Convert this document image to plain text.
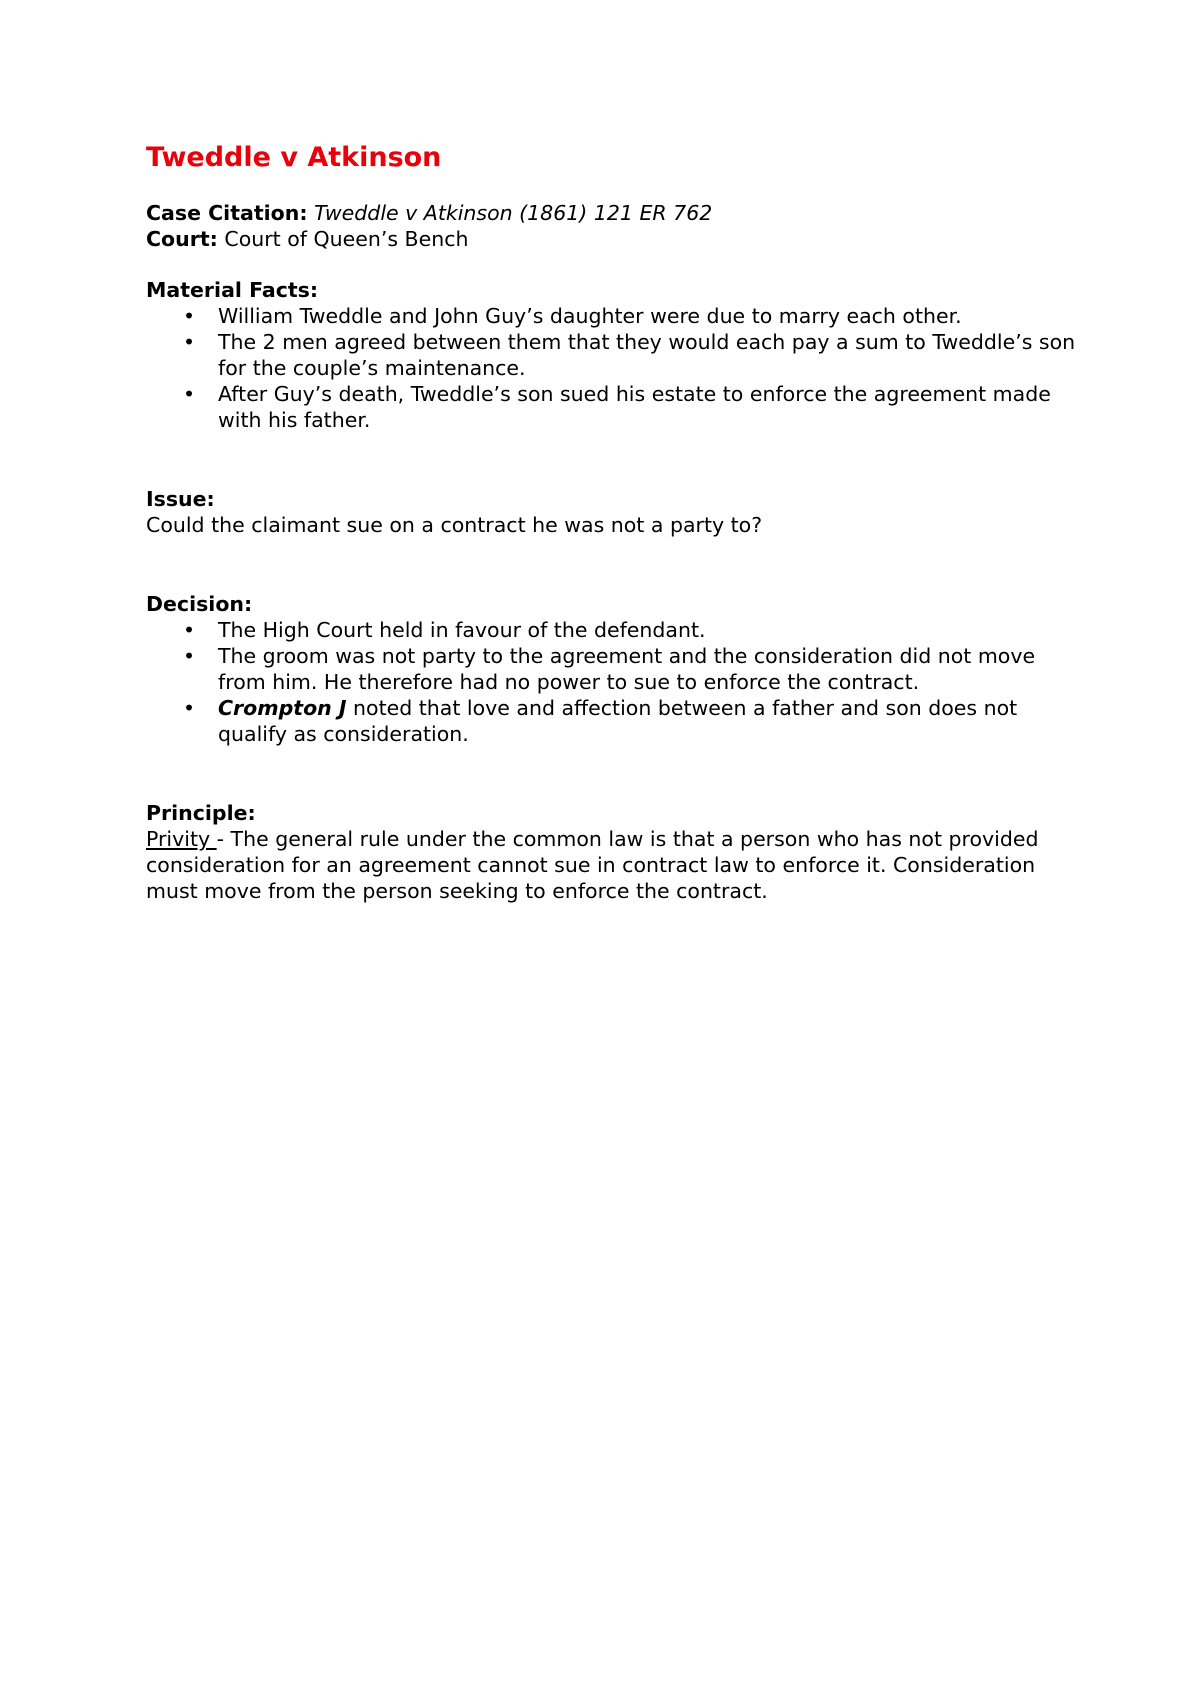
Tweddle v Atkinson

Case Citation: Tweddle v Atkinson (1861) 121 ER 762

Court: Court of Queen’s Bench

Material Facts:

• William Tweddle and John Guy’s daughter were due to marry each other.
• The 2 men agreed between them that they would each pay a sum to Tweddle’s son for the couple’s maintenance.
• After Guy’s death, Tweddle’s son sued his estate to enforce the agreement made with his father.

Issue:

Could the claimant sue on a contract he was not a party to?

Decision:

• The High Court held in favour of the defendant.
• The groom was not party to the agreement and the consideration did not move from him. He therefore had no power to sue to enforce the contract.
• Crompton J noted that love and affection between a father and son does not qualify as consideration.

Principle:

Privity - The general rule under the common law is that a person who has not provided consideration for an agreement cannot sue in contract law to enforce it. Consideration must move from the person seeking to enforce the contract.
